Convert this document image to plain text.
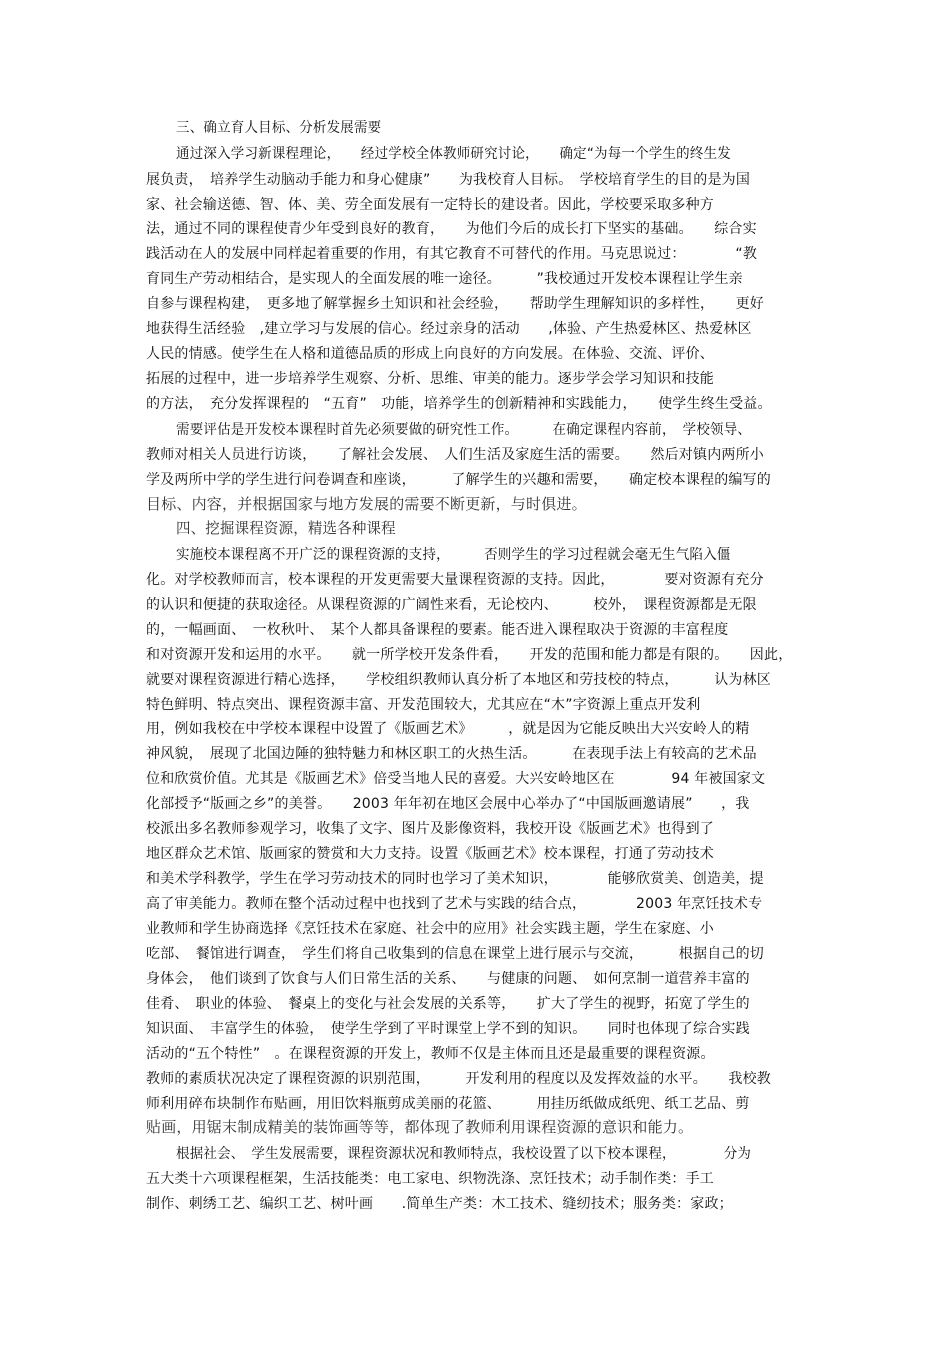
三、确立育人目标、分析发展需要
通过深入学习新课程理论，　　经过学校全体教师研究讨论，　　确定“为每一个学生的终生发
展负责，　培养学生动脑动手能力和身心健康”　　为我校育人目标。　学校培育学生的目的是为国
家、社会输送德、智、体、美、劳全面发展有一定特长的建设者。因此，学校要采取多种方
法，通过不同的课程使青少年受到良好的教育，　　为他们今后的成长打下坚实的基础。　　综合实
践活动在人的发展中同样起着重要的作用，有其它教育不可替代的作用。马克思说过：　　　　“教
育同生产劳动相结合，是实现人的全面发展的唯一途径。　　　”我校通过开发校本课程让学生亲
自参与课程构建，　更多地了解掌握乡土知识和社会经验，　　帮助学生理解知识的多样性，　　更好
地获得生活经验　,建立学习与发展的信心。经过亲身的活动　　,体验、产生热爱林区、热爱林区
人民的情感。使学生在人格和道德品质的形成上向良好的方向发展。在体验、交流、评价、
拓展的过程中，进一步培养学生观察、分析、思维、审美的能力。逐步学会学习知识和技能
的方法，　充分发挥课程的　“五育”　功能，培养学生的创新精神和实践能力，　　使学生终生受益。
需要评估是开发校本课程时首先必须要做的研究性工作。　　　在确定课程内容前，　学校领导、
教师对相关人员进行访谈，　　了解社会发展、　人们生活及家庭生活的需要。　　然后对镇内两所小
学及两所中学的学生进行问卷调查和座谈，　　　了解学生的兴趣和需要，　　确定校本课程的编写的
目标、内容，并根据国家与地方发展的需要不断更新，与时俱进。
四、挖掘课程资源，精选各种课程
实施校本课程离不开广泛的课程资源的支持，　　　否则学生的学习过程就会毫无生气陷入僵
化。对学校教师而言，校本课程的开发更需要大量课程资源的支持。因此，　　　　要对资源有充分
的认识和便捷的获取途径。从课程资源的广阔性来看，无论校内、　　　校外，　课程资源都是无限
的，一幅画面、　一枚秋叶、　某个人都具备课程的要素。能否进入课程取决于资源的丰富程度
和对资源开发和运用的水平。　　就一所学校开发条件看，　　开发的范围和能力都是有限的。　　因此，
就要对课程资源进行精心选择，　　学校组织教师认真分析了本地区和劳技校的特点，　　　认为林区
特色鲜明、特点突出、课程资源丰富、开发范围较大，尤其应在“木”字资源上重点开发利
用，例如我校在中学校本课程中设置了《版画艺术》　　　，就是因为它能反映出大兴安岭人的精
神风貌，　展现了北国边陲的独特魅力和林区职工的火热生活。　　　在表现手法上有较高的艺术品
位和欣赏价值。尤其是《版画艺术》倍受当地人民的喜爱。大兴安岭地区在　　　　94 年被国家文
化部授予“版画之乡”的美誉。　　2003 年年初在地区会展中心举办了“中国版画邀请展”　　，我
校派出多名教师参观学习，收集了文字、图片及影像资料，我校开设《版画艺术》也得到了
地区群众艺术馆、版画家的赞赏和大力支持。设置《版画艺术》校本课程，打通了劳动技术
和美术学科教学，学生在学习劳动技术的同时也学习了美术知识，　　　　能够欣赏美、创造美，提
高了审美能力。教师在整个活动过程中也找到了艺术与实践的结合点，　　　　2003 年烹饪技术专
业教师和学生协商选择《烹饪技术在家庭、社会中的应用》社会实践主题，学生在家庭、小
吃部、　餐馆进行调查，　学生们将自己收集到的信息在课堂上进行展示与交流，　　　根据自己的切
身体会，　他们谈到了饮食与人们日常生活的关系、　　与健康的问题、　如何烹制一道营养丰富的
佳肴、　职业的体验、　餐桌上的变化与社会发展的关系等，　　扩大了学生的视野，拓宽了学生的
知识面、　丰富学生的体验，　使学生学到了平时课堂上学不到的知识。　　同时也体现了综合实践
活动的“五个特性”　。在课程资源的开发上，教师不仅是主体而且还是最重要的课程资源。
教师的素质状况决定了课程资源的识别范围，　　　开发利用的程度以及发挥效益的水平。　　我校教
师利用碎布块制作布贴画，用旧饮料瓶剪成美丽的花篮、　　　用挂历纸做成纸兜、纸工艺品、剪
贴画，用锯末制成精美的装饰画等等，都体现了教师利用课程资源的意识和能力。
根据社会、　学生发展需要，课程资源状况和教师特点，我校设置了以下校本课程，　　　　分为
五大类十六项课程框架，生活技能类：电工家电、织物洗涤、烹饪技术；动手制作类：手工
制作、刺绣工艺、编织工艺、树叶画　　.简单生产类：木工技术、缝纫技术；服务类：家政；
